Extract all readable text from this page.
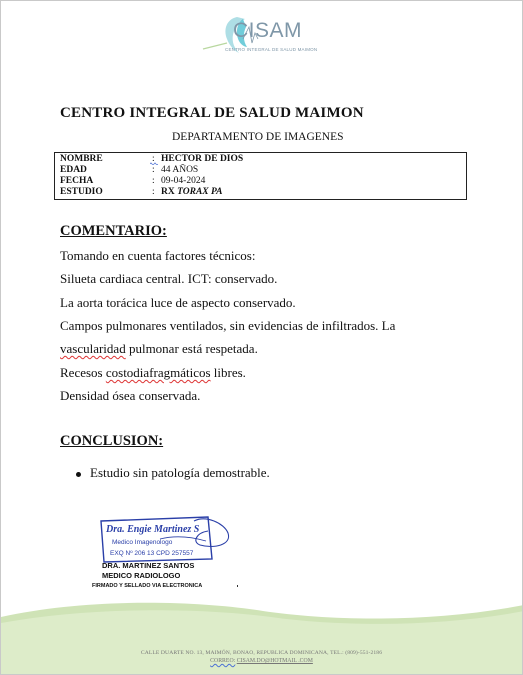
CISAM
CENTRO INTEGRAL DE SALUD MAIMON
CENTRO INTEGRAL DE SALUD MAIMON
DEPARTAMENTO DE IMAGENES
NOMBRE	: HECTOR DE DIOS
EDAD	: 44 AÑOS
FECHA	: 09-04-2024
ESTUDIO	: RX TORAX PA
COMENTARIO:
Tomando en cuenta factores técnicos:
Silueta cardiaca central. ICT: conservado.
La aorta torácica luce de aspecto conservado.
Campos pulmonares ventilados, sin evidencias de infiltrados. La
vascularidad pulmonar está respetada.
Recesos costodiafragmáticos libres.
Densidad ósea conservada.
CONCLUSION:
Estudio sin patología demostrable.
Dra. Engie Martinez S
Medico Imagenologo
EXQ Nº 206 13 CPD 257557
DRA. MARTINEZ SANTOS
MEDICO RADIOLOGO
FIRMADO Y SELLADO VIA ELECTRONICA
CALLE DUARTE NO. 13, MAIMÓN, BONAO, REPUBLICA DOMINICANA, TEL.: (809)-551-2186
CORREO: CISAM.DO@HOTMAIL .COM
